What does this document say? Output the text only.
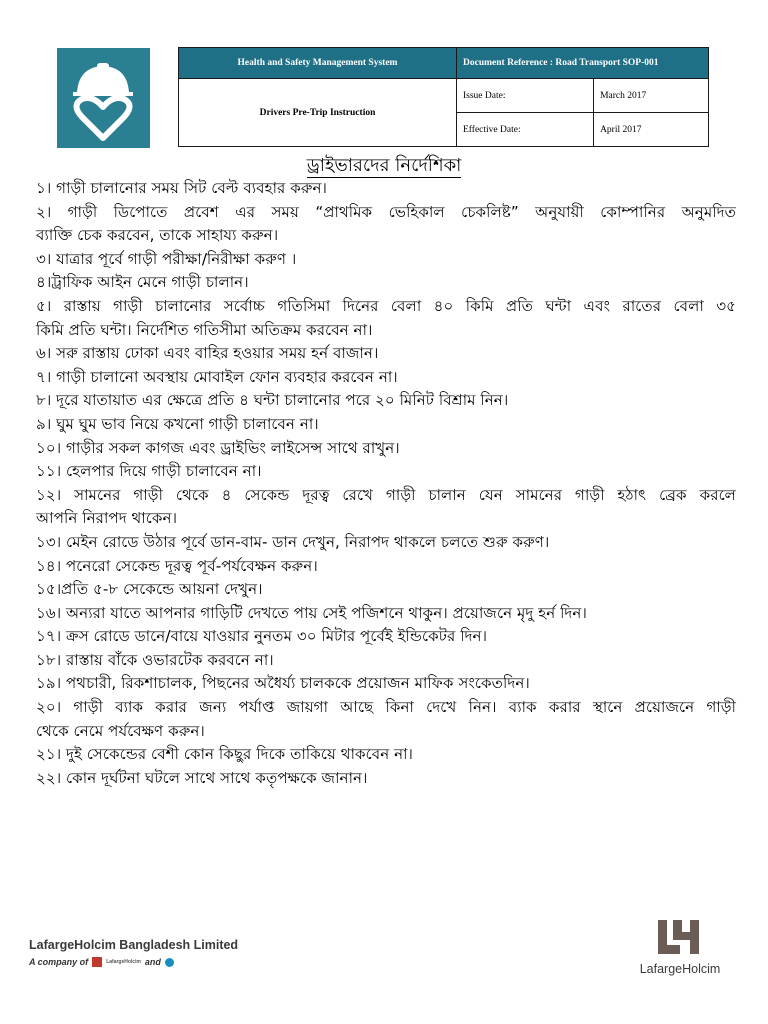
Health and Safety Management System	Document Reference : Road Transport SOP-001	
Drivers Pre-Trip Instruction	Issue Date:	March 2017
	Effective Date:	April 2017
ড্রাইভারদের নির্দেশিকা
১। গাড়ী চালানোর সময় সিট বেল্ট ব্যবহার করুন।
২। গাড়ী ডিপোতে প্রবেশ এর সময় “প্রাথমিক ভেহিকাল চেকলিষ্ট” অনুযায়ী কোম্পানির অনুমদিত
ব্যাক্তি চেক করবেন, তাকে সাহায্য করুন।
৩। যাত্রার পূর্বে গাড়ী পরীক্ষা/নিরীক্ষা করুণ ।
৪।ট্রাফিক আইন মেনে গাড়ী চালান।
৫। রাস্তায় গাড়ী চালানোর সর্বোচ্চ গতিসিমা দিনের বেলা ৪০ কিমি প্রতি ঘন্টা এবং রাতের বেলা ৩৫
কিমি প্রতি ঘন্টা। নির্দেশিত গতিসীমা অতিক্রম করবেন না।
৬। সরু রাস্তায় ঢোকা এবং বাহির হওয়ার সময় হর্ন বাজান।
৭। গাড়ী চালানো অবস্থায় মোবাইল ফোন ব্যবহার করবেন না।
৮। দূরে যাতায়াত এর ক্ষেত্রে প্রতি ৪ ঘন্টা চালানোর পরে ২০ মিনিট বিশ্রাম নিন।
৯। ঘুম ঘুম ভাব নিয়ে কখনো গাড়ী চালাবেন না।
১০। গাড়ীর সকল কাগজ এবং ড্রাইভিং লাইসেন্স সাথে রাখুন।
১১। হেলপার দিয়ে গাড়ী চালাবেন না।
১২। সামনের গাড়ী থেকে ৪ সেকেন্ড দূরত্ব রেখে গাড়ী চালান যেন সামনের গাড়ী হঠাৎ ব্রেক করলে
আপনি নিরাপদ থাকেন।
১৩। মেইন রোডে উঠার পূর্বে ডান-বাম- ডান দেখুন, নিরাপদ থাকলে চলতে শুরু করুণ।
১৪। পনেরো সেকেন্ড দূরত্ব পূর্ব-পর্যবেক্ষন করুন।
১৫।প্রতি ৫-৮ সেকেন্ডে আয়না দেখুন।
১৬। অন্যরা যাতে আপনার গাড়িটি দেখতে পায় সেই পজিশনে থাকুন। প্রয়োজনে মৃদু হর্ন দিন।
১৭। ক্রস রোডে ডানে/বায়ে যাওয়ার নুনতম ৩০ মিটার পূর্বেই ইন্ডিকেটর দিন।
১৮। রাস্তায় বাঁকে ওভারটেক করবনে না।
১৯। পথচারী, রিকশাচালক, পিছনের অধৈর্য্য চালককে প্রয়োজন মাফিক সংকেতদিন।
২০। গাড়ী ব্যাক করার জন্য পর্যাপ্ত জায়গা আছে কিনা দেখে নিন। ব্যাক করার স্থানে প্রয়োজনে গাড়ী
থেকে নেমে পর্যবেক্ষণ করুন।
২১। দুই সেকেন্ডের বেশী কোন কিছুর দিকে তাকিয়ে থাকবেন না।
২২। কোন দূর্ঘটনা ঘটলে সাথে সাথে কতৃপক্ষকে জানান।
LafargeHolcim Bangladesh Limited
A company of	LafargeHolcim and	LafargeHolcim
